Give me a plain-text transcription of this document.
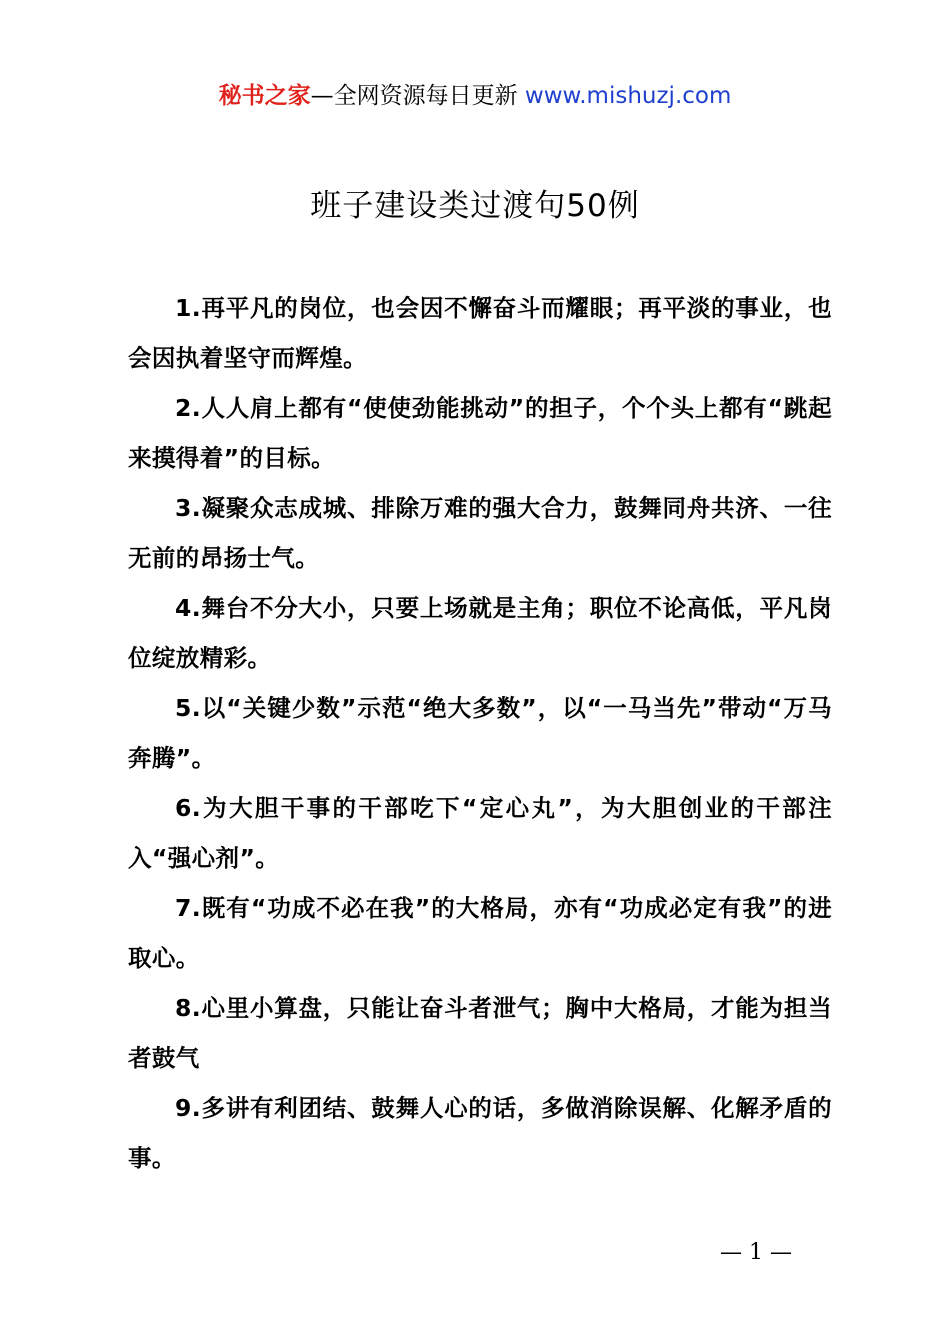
秘书之家—全网资源每日更新 www.mishuzj.com
班子建设类过渡句50例

1.再平凡的岗位，也会因不懈奋斗而耀眼；再平淡的事业，也会因执着坚守而辉煌。

2.人人肩上都有“使使劲能挑动”的担子，个个头上都有“跳起来摸得着”的目标。

3.凝聚众志成城、排除万难的强大合力，鼓舞同舟共济、一往无前的昂扬士气。

4.舞台不分大小，只要上场就是主角；职位不论高低，平凡岗位绽放精彩。

5.以“关键少数”示范“绝大多数”，以“一马当先”带动“万马奔腾”。

6.为大胆干事的干部吃下“定心丸”，为大胆创业的干部注入“强心剂”。

7.既有“功成不必在我”的大格局，亦有“功成必定有我”的进取心。

8.心里小算盘，只能让奋斗者泄气；胸中大格局，才能为担当者鼓气

9.多讲有利团结、鼓舞人心的话，多做消除误解、化解矛盾的事。

— 1 —
